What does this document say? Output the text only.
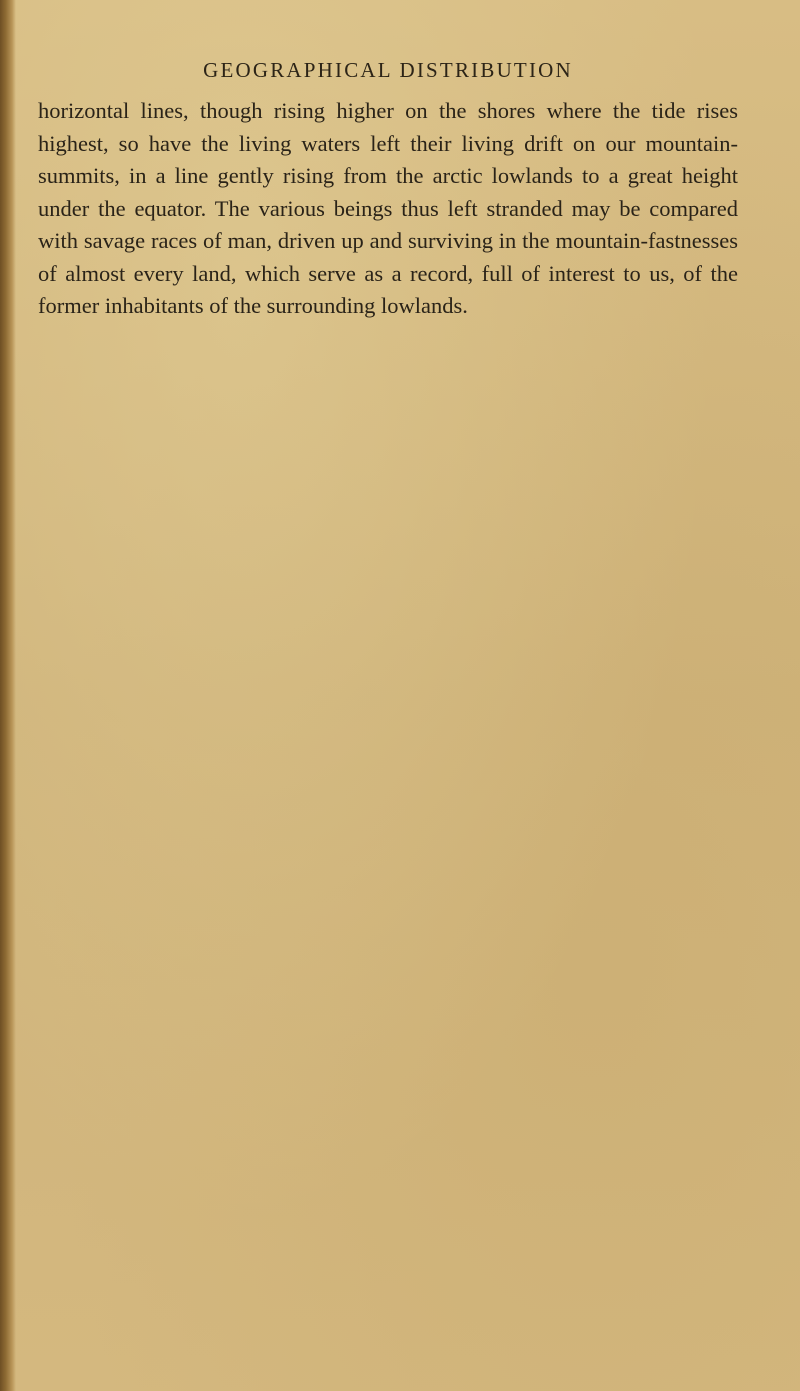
GEOGRAPHICAL DISTRIBUTION

horizontal lines, though rising higher on the shores where the tide rises highest, so have the living waters left their living drift on our mountain-summits, in a line gently rising from the arctic lowlands to a great height under the equator. The various beings thus left stranded may be compared with savage races of man, driven up and surviving in the mountain-fastnesses of almost every land, which serve as a record, full of interest to us, of the former inhabitants of the surrounding lowlands.
